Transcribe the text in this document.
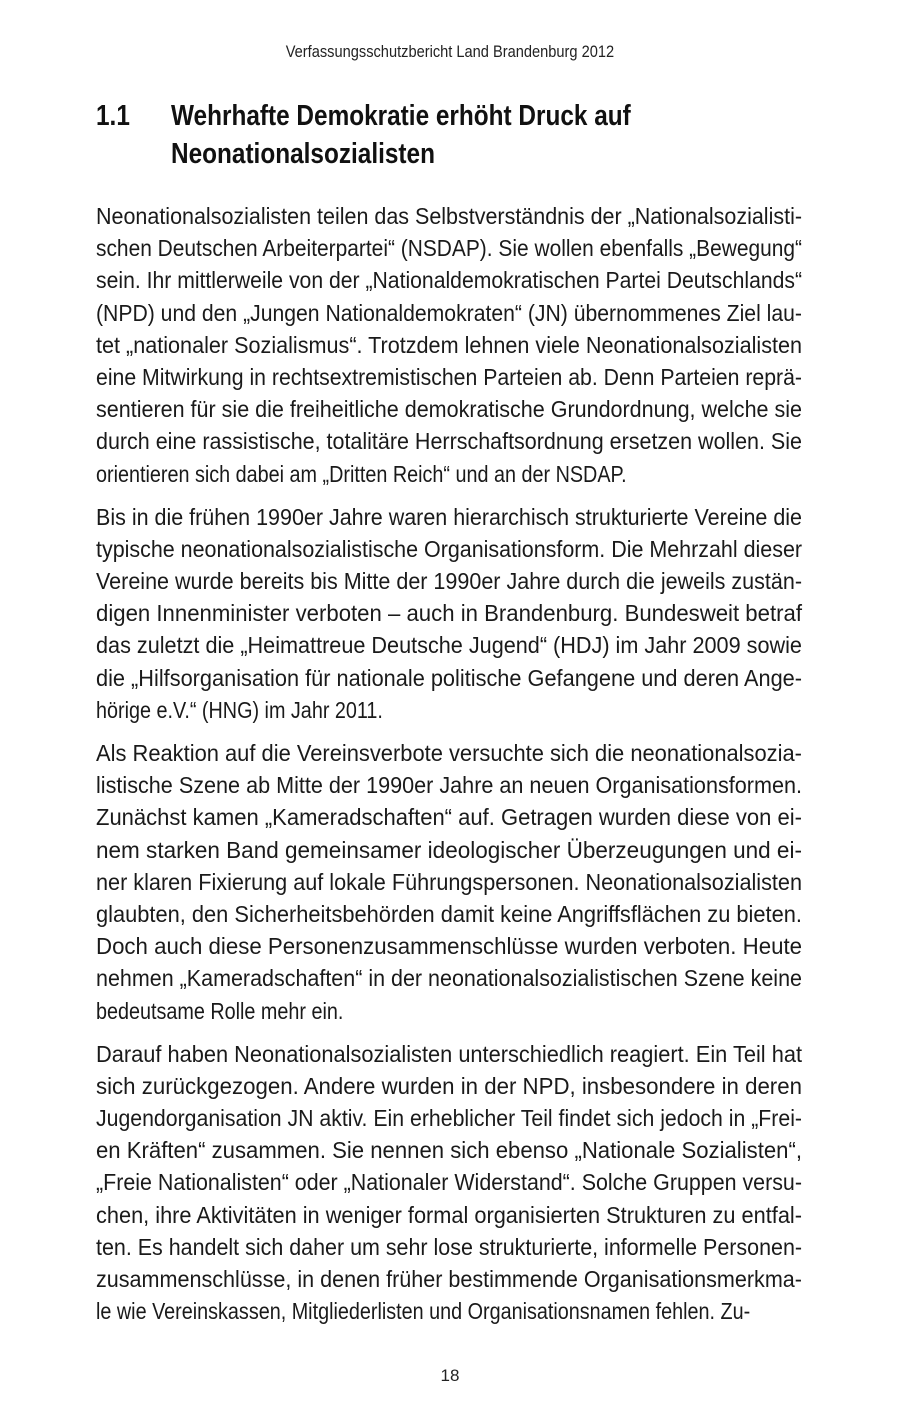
Verfassungsschutzbericht Land Brandenburg 2012
1.1 Wehrhafte Demokratie erhöht Druck auf
Neonationalsozialisten
Neonationalsozialisten teilen das Selbstverständnis der „Nationalsozialisti-
schen Deutschen Arbeiterpartei“ (NSDAP). Sie wollen ebenfalls „Bewegung“
sein. Ihr mittlerweile von der „Nationaldemokratischen Partei Deutschlands“
(NPD) und den „Jungen Nationaldemokraten“ (JN) übernommenes Ziel lau-
tet „nationaler Sozialismus“. Trotzdem lehnen viele Neonationalsozialisten
eine Mitwirkung in rechtsextremistischen Parteien ab. Denn Parteien reprä-
sentieren für sie die freiheitliche demokratische Grundordnung, welche sie
durch eine rassistische, totalitäre Herrschaftsordnung ersetzen wollen. Sie
orientieren sich dabei am „Dritten Reich“ und an der NSDAP.
Bis in die frühen 1990er Jahre waren hierarchisch strukturierte Vereine die
typische neonationalsozialistische Organisationsform. Die Mehrzahl dieser
Vereine wurde bereits bis Mitte der 1990er Jahre durch die jeweils zustän-
digen Innenminister verboten – auch in Brandenburg. Bundesweit betraf
das zuletzt die „Heimattreue Deutsche Jugend“ (HDJ) im Jahr 2009 sowie
die „Hilfsorganisation für nationale politische Gefangene und deren Ange-
hörige e.V.“ (HNG) im Jahr 2011.
Als Reaktion auf die Vereinsverbote versuchte sich die neonationalsozia-
listische Szene ab Mitte der 1990er Jahre an neuen Organisationsformen.
Zunächst kamen „Kameradschaften“ auf. Getragen wurden diese von ei-
nem starken Band gemeinsamer ideologischer Überzeugungen und ei-
ner klaren Fixierung auf lokale Führungspersonen. Neonationalsozialisten
glaubten, den Sicherheitsbehörden damit keine Angriffsflächen zu bieten.
Doch auch diese Personenzusammenschlüsse wurden verboten. Heute
nehmen „Kameradschaften“ in der neonationalsozialistischen Szene keine
bedeutsame Rolle mehr ein.
Darauf haben Neonationalsozialisten unterschiedlich reagiert. Ein Teil hat
sich zurückgezogen. Andere wurden in der NPD, insbesondere in deren
Jugendorganisation JN aktiv. Ein erheblicher Teil findet sich jedoch in „Frei-
en Kräften“ zusammen. Sie nennen sich ebenso „Nationale Sozialisten“,
„Freie Nationalisten“ oder „Nationaler Widerstand“. Solche Gruppen versu-
chen, ihre Aktivitäten in weniger formal organisierten Strukturen zu entfal-
ten. Es handelt sich daher um sehr lose strukturierte, informelle Personen-
zusammenschlüsse, in denen früher bestimmende Organisationsmerkma-
le wie Vereinskassen, Mitgliederlisten und Organisationsnamen fehlen. Zu-
18
